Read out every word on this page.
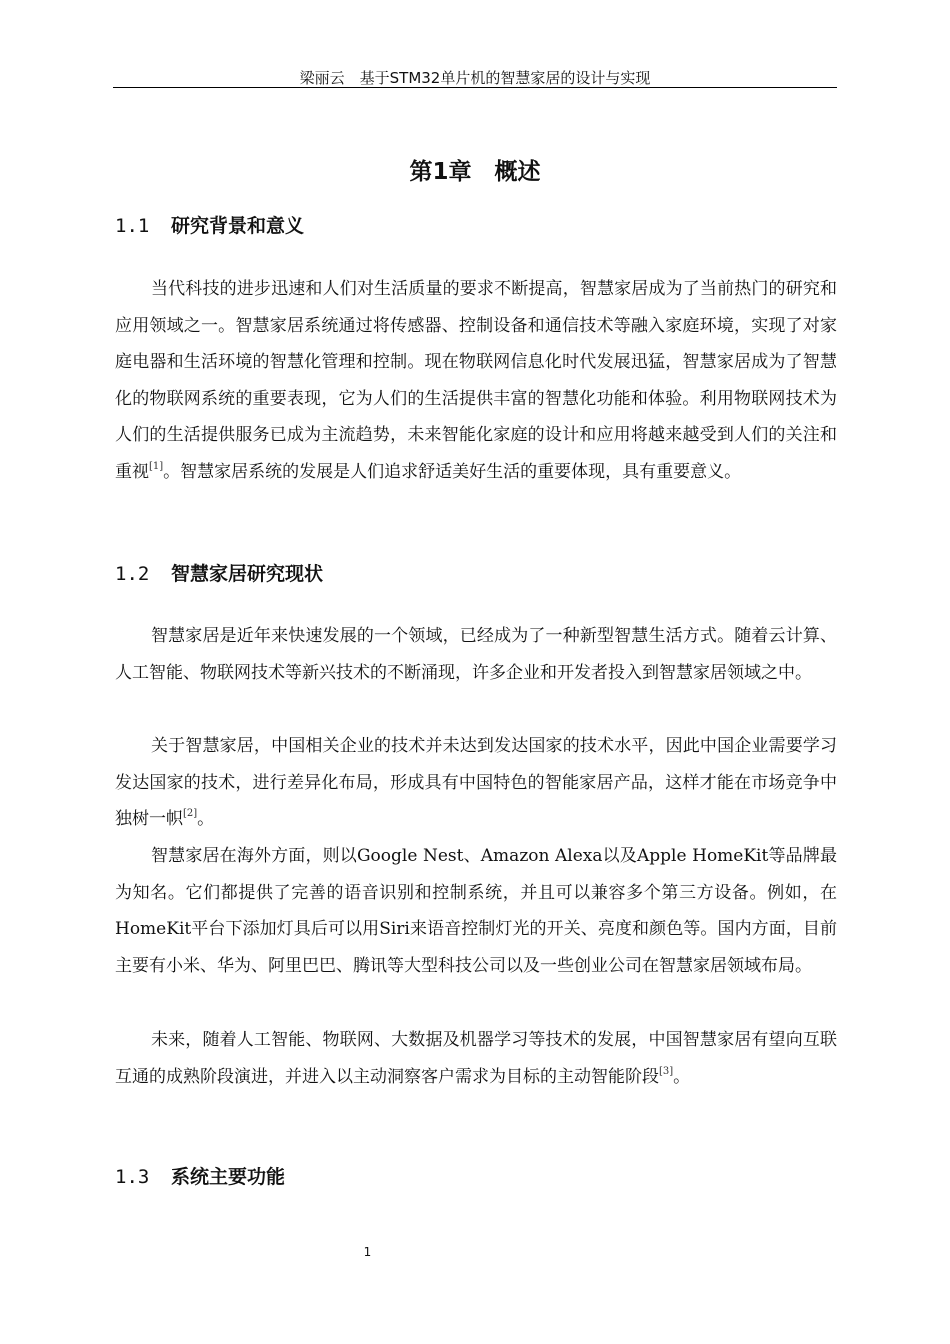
梁丽云　基于STM32单片机的智慧家居的设计与实现
第1章　概述
1.1 研究背景和意义

当代科技的进步迅速和人们对生活质量的要求不断提高，智慧家居成为了当前热门的研究和应用领域之一。智慧家居系统通过将传感器、控制设备和通信技术等融入家庭环境，实现了对家庭电器和生活环境的智慧化管理和控制。现在物联网信息化时代发展迅猛，智慧家居成为了智慧化的物联网系统的重要表现，它为人们的生活提供丰富的智慧化功能和体验。利用物联网技术为人们的生活提供服务已成为主流趋势，未来智能化家庭的设计和应用将越来越受到人们的关注和重视[1]。智慧家居系统的发展是人们追求舒适美好生活的重要体现，具有重要意义。

1.2 智慧家居研究现状

智慧家居是近年来快速发展的一个领域，已经成为了一种新型智慧生活方式。随着云计算、人工智能、物联网技术等新兴技术的不断涌现，许多企业和开发者投入到智慧家居领域之中。

关于智慧家居，中国相关企业的技术并未达到发达国家的技术水平，因此中国企业需要学习发达国家的技术，进行差异化布局，形成具有中国特色的智能家居产品，这样才能在市场竞争中独树一帜[2]。

智慧家居在海外方面，则以Google Nest、Amazon Alexa以及Apple HomeKit等品牌最为知名。它们都提供了完善的语音识别和控制系统，并且可以兼容多个第三方设备。例如，在HomeKit平台下添加灯具后可以用Siri来语音控制灯光的开关、亮度和颜色等。国内方面，目前主要有小米、华为、阿里巴巴、腾讯等大型科技公司以及一些创业公司在智慧家居领域布局。

未来，随着人工智能、物联网、大数据及机器学习等技术的发展，中国智慧家居有望向互联互通的成熟阶段演进，并进入以主动洞察客户需求为目标的主动智能阶段[3]。

1.3 系统主要功能
1
